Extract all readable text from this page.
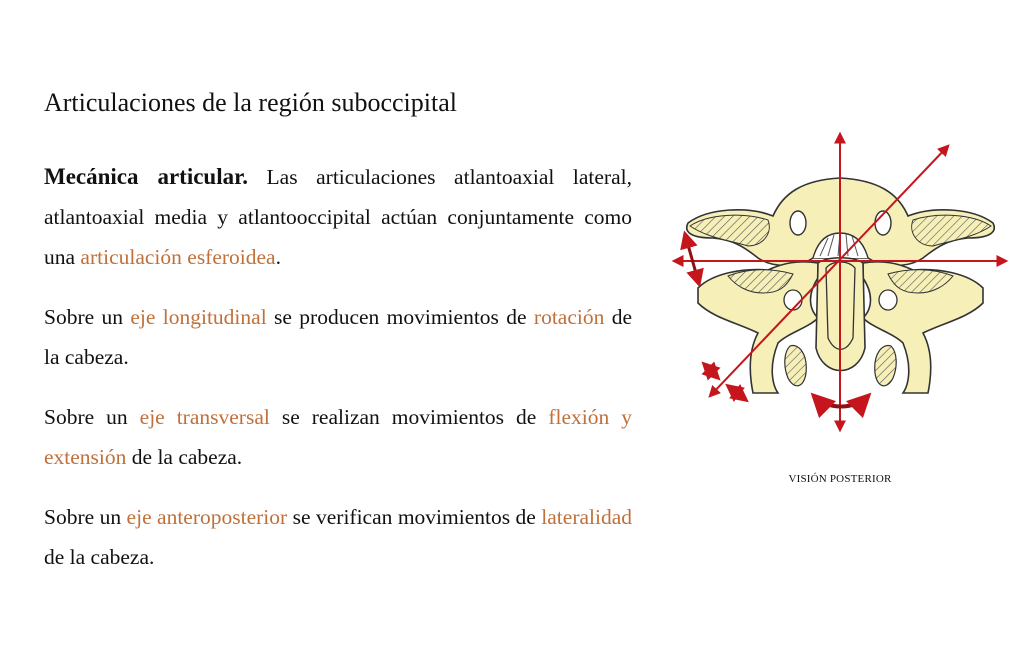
Articulaciones de la región suboccipital

Mecánica articular. Las articulaciones atlantoaxial lateral, atlantoaxial media y atlantooccipital actúan conjuntamente como una articulación esferoidea.

Sobre un eje longitudinal se producen movimientos de rotación de la cabeza.

Sobre un eje transversal se realizan movimientos de flexión y extensión de la cabeza.

Sobre un eje anteroposterior se verifican movimientos de lateralidad de la cabeza.

VISIÓN POSTERIOR
